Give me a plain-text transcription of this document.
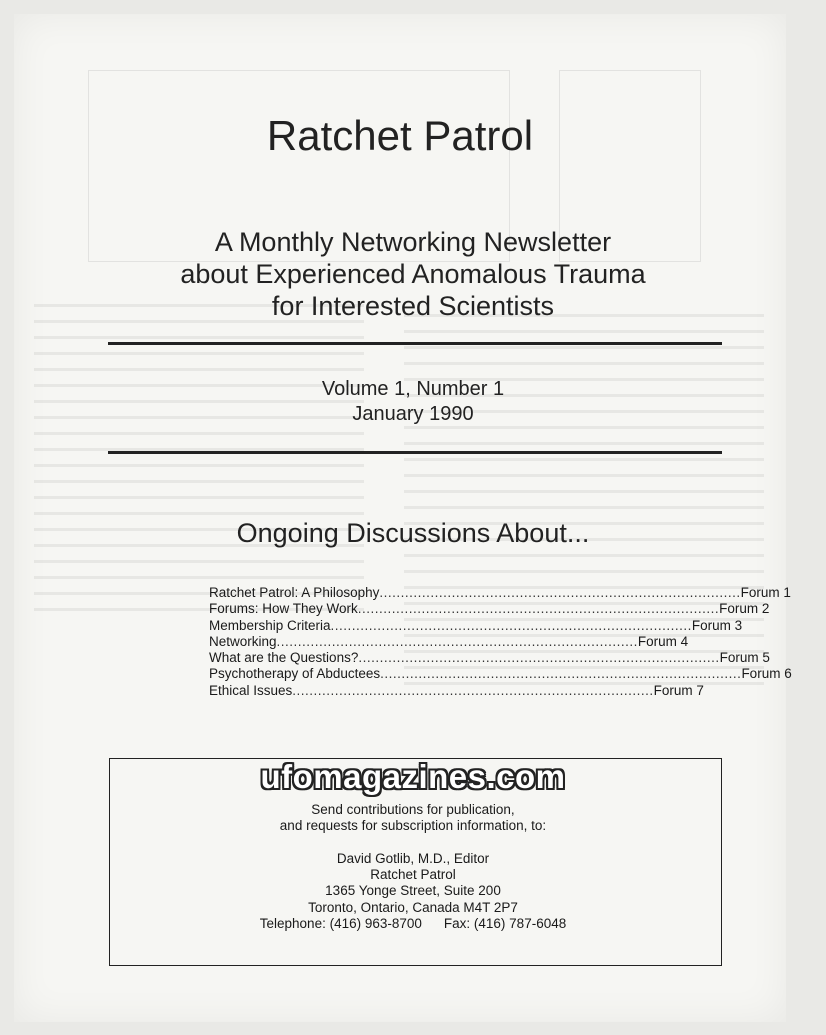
Ratchet Patrol
A Monthly Networking Newsletter
about Experienced Anomalous Trauma
for Interested Scientists
Volume 1, Number 1
January 1990
Ongoing Discussions About...
Ratchet Patrol: A Philosophy ..................................................................................... Forum 1
Forums: How They Work ..................................................................................... Forum 2
Membership Criteria ..................................................................................... Forum 3
Networking ..................................................................................... Forum 4
What are the Questions? ..................................................................................... Forum 5
Psychotherapy of Abductees ..................................................................................... Forum 6
Ethical Issues ..................................................................................... Forum 7
ufomagazines.com
Send contributions for publication,
and requests for subscription information, to:
David Gotlib, M.D., Editor
Ratchet Patrol
1365 Yonge Street, Suite 200
Toronto, Ontario, Canada M4T 2P7
Telephone: (416) 963-8700 Fax: (416) 787-6048
